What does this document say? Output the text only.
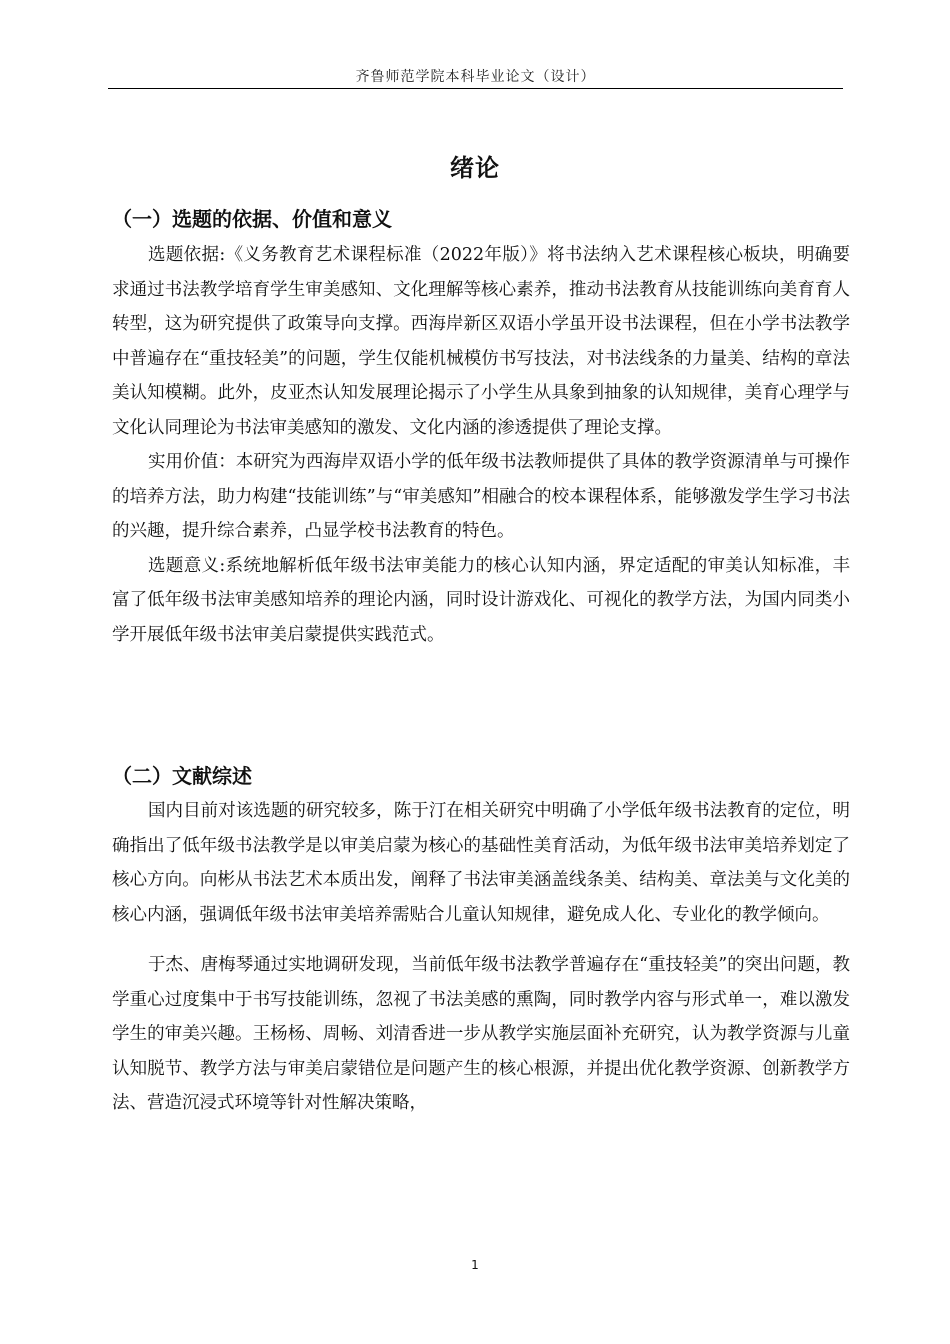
齐鲁师范学院本科毕业论文（设计）
绪论
（一）选题的依据、价值和意义

选题依据:《义务教育艺术课程标准（2022年版）》将书法纳入艺术课程核心板块，明确要求通过书法教学培育学生审美感知、文化理解等核心素养，推动书法教育从技能训练向美育育人转型，这为研究提供了政策导向支撑。西海岸新区双语小学虽开设书法课程，但在小学书法教学中普遍存在“重技轻美”的问题，学生仅能机械模仿书写技法，对书法线条的力量美、结构的章法美认知模糊。此外，皮亚杰认知发展理论揭示了小学生从具象到抽象的认知规律，美育心理学与文化认同理论为书法审美感知的激发、文化内涵的渗透提供了理论支撑。

实用价值：本研究为西海岸双语小学的低年级书法教师提供了具体的教学资源清单与可操作的培养方法，助力构建“技能训练”与“审美感知”相融合的校本课程体系，能够激发学生学习书法的兴趣，提升综合素养，凸显学校书法教育的特色。

选题意义:系统地解析低年级书法审美能力的核心认知内涵，界定适配的审美认知标准，丰富了低年级书法审美感知培养的理论内涵，同时设计游戏化、可视化的教学方法，为国内同类小学开展低年级书法审美启蒙提供实践范式。

（二）文献综述

国内目前对该选题的研究较多，陈于汀在相关研究中明确了小学低年级书法教育的定位，明确指出了低年级书法教学是以审美启蒙为核心的基础性美育活动，为低年级书法审美培养划定了核心方向。向彬从书法艺术本质出发，阐释了书法审美涵盖线条美、结构美、章法美与文化美的核心内涵，强调低年级书法审美培养需贴合儿童认知规律，避免成人化、专业化的教学倾向。

于杰、唐梅琴通过实地调研发现，当前低年级书法教学普遍存在“重技轻美”的突出问题，教学重心过度集中于书写技能训练，忽视了书法美感的熏陶，同时教学内容与形式单一，难以激发学生的审美兴趣。王杨杨、周畅、刘清香进一步从教学实施层面补充研究，认为教学资源与儿童认知脱节、教学方法与审美启蒙错位是问题产生的核心根源，并提出优化教学资源、创新教学方法、营造沉浸式环境等针对性解决策略，

1
